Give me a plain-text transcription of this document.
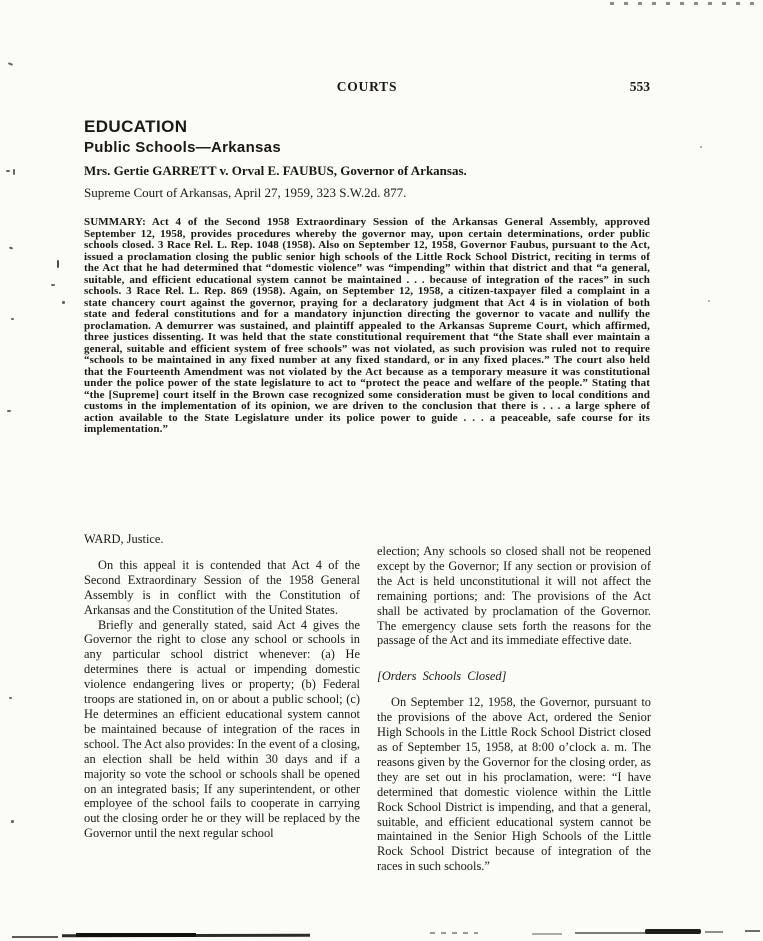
COURTS	553
EDUCATION
Public Schools—Arkansas
Mrs. Gertie GARRETT v. Orval E. FAUBUS, Governor of Arkansas.
Supreme Court of Arkansas, April 27, 1959, 323 S.W.2d. 877.

SUMMARY: Act 4 of the Second 1958 Extraordinary Session of the Arkansas General Assembly, approved September 12, 1958, provides procedures whereby the governor may, upon certain determinations, order public schools closed. 3 Race Rel. L. Rep. 1048 (1958). Also on September 12, 1958, Governor Faubus, pursuant to the Act, issued a proclamation closing the public senior high schools of the Little Rock School District, reciting in terms of the Act that he had determined that “domestic violence” was “impending” within that district and that “a general, suitable, and efficient educational system cannot be maintained . . . because of integration of the races” in such schools. 3 Race Rel. L. Rep. 869 (1958). Again, on September 12, 1958, a citizen-taxpayer filed a complaint in a state chancery court against the governor, praying for a declaratory judgment that Act 4 is in violation of both state and federal constitutions and for a mandatory injunction directing the governor to vacate and nullify the proclamation. A demurrer was sustained, and plaintiff appealed to the Arkansas Supreme Court, which affirmed, three justices dissenting. It was held that the state constitutional requirement that “the State shall ever maintain a general, suitable and efficient system of free schools” was not violated, as such provision was ruled not to require “schools to be maintained in any fixed number at any fixed standard, or in any fixed places.” The court also held that the Fourteenth Amendment was not violated by the Act because as a temporary measure it was constitutional under the police power of the state legislature to act to “protect the peace and welfare of the people.” Stating that “the [Supreme] court itself in the Brown case recognized some consideration must be given to local conditions and customs in the implementation of its opinion, we are driven to the conclusion that there is . . . a large sphere of action available to the State Legislature under its police power to guide . . . a peaceable, safe course for its implementation.”

WARD, Justice.

On this appeal it is contended that Act 4 of the Second Extraordinary Session of the 1958 General Assembly is in conflict with the Constitution of Arkansas and the Constitution of the United States.

Briefly and generally stated, said Act 4 gives the Governor the right to close any school or schools in any particular school district whenever: (a) He determines there is actual or impending domestic violence endangering lives or property; (b) Federal troops are stationed in, on or about a public school; (c) He determines an efficient educational system cannot be maintained because of integration of the races in school. The Act also provides: In the event of a closing, an election shall be held within 30 days and if a majority so vote the school or schools shall be opened on an integrated basis; If any superintendent, or other employee of the school fails to cooperate in carrying out the closing order he or they will be replaced by the Governor until the next regular school

election; Any schools so closed shall not be reopened except by the Governor; If any section or provision of the Act is held unconstitutional it will not affect the remaining portions; and: The provisions of the Act shall be activated by proclamation of the Governor. The emergency clause sets forth the reasons for the passage of the Act and its immediate effective date.

[Orders Schools Closed]

On September 12, 1958, the Governor, pursuant to the provisions of the above Act, ordered the Senior High Schools in the Little Rock School District closed as of September 15, 1958, at 8:00 o’clock a. m. The reasons given by the Governor for the closing order, as they are set out in his proclamation, were: “I have determined that domestic violence within the Little Rock School District is impending, and that a general, suitable, and efficient educational system cannot be maintained in the Senior High Schools of the Little Rock School District because of integration of the races in such schools.”
